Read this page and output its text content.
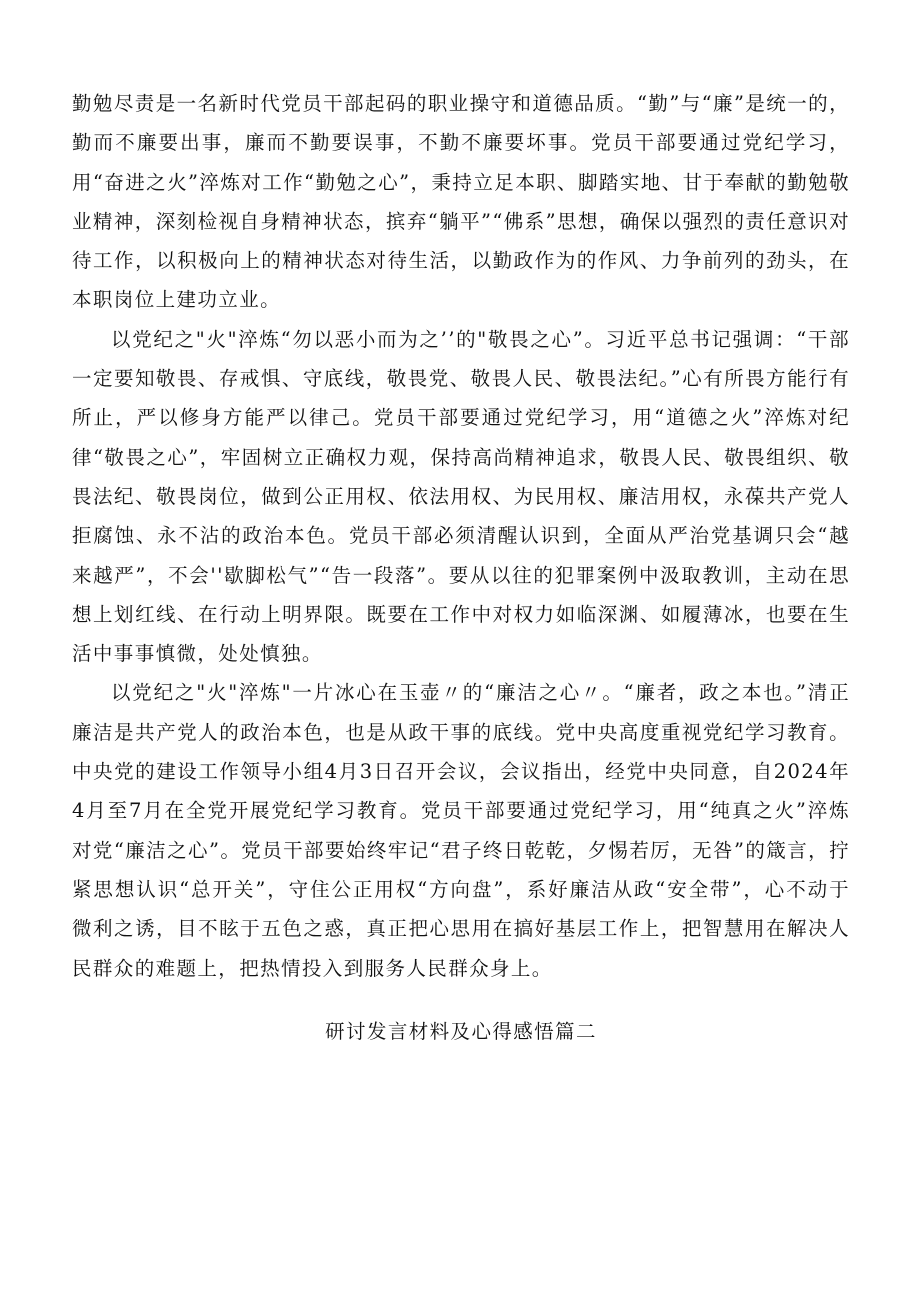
勤勉尽责是一名新时代党员干部起码的职业操守和道德品质。“勤”与“廉”是统一的，勤而不廉要出事，廉而不勤要误事，不勤不廉要坏事。党员干部要通过党纪学习，用“奋进之火”淬炼对工作“勤勉之心”，秉持立足本职、脚踏实地、甘于奉献的勤勉敬业精神，深刻检视自身精神状态，摈弃“躺平”“佛系”思想，确保以强烈的责任意识对待工作，以积极向上的精神状态对待生活，以勤政作为的作风、力争前列的劲头，在本职岗位上建功立业。

以党纪之"火"淬炼“勿以恶小而为之’’的"敬畏之心”。习近平总书记强调：“干部一定要知敬畏、存戒惧、守底线，敬畏党、敬畏人民、敬畏法纪。”心有所畏方能行有所止，严以修身方能严以律己。党员干部要通过党纪学习，用“道德之火”淬炼对纪律“敬畏之心”，牢固树立正确权力观，保持高尚精神追求，敬畏人民、敬畏组织、敬畏法纪、敬畏岗位，做到公正用权、依法用权、为民用权、廉洁用权，永葆共产党人拒腐蚀、永不沾的政治本色。党员干部必须清醒认识到，全面从严治党基调只会“越来越严”，不会''歇脚松气”“告一段落”。要从以往的犯罪案例中汲取教训，主动在思想上划红线、在行动上明界限。既要在工作中对权力如临深渊、如履薄冰，也要在生活中事事慎微，处处慎独。

以党纪之"火"淬炼"一片冰心在玉壶〃的“廉洁之心〃。“廉者，政之本也。”清正廉洁是共产党人的政治本色，也是从政干事的底线。党中央高度重视党纪学习教育。中央党的建设工作领导小组4月3日召开会议，会议指出，经党中央同意，自2024年4月至7月在全党开展党纪学习教育。党员干部要通过党纪学习，用“纯真之火”淬炼对党“廉洁之心”。党员干部要始终牢记“君子终日乾乾，夕惕若厉，无咎”的箴言，拧紧思想认识“总开关”，守住公正用权“方向盘”，系好廉洁从政“安全带”，心不动于微利之诱，目不眩于五色之惑，真正把心思用在搞好基层工作上，把智慧用在解决人民群众的难题上，把热情投入到服务人民群众身上。

研讨发言材料及心得感悟篇二
